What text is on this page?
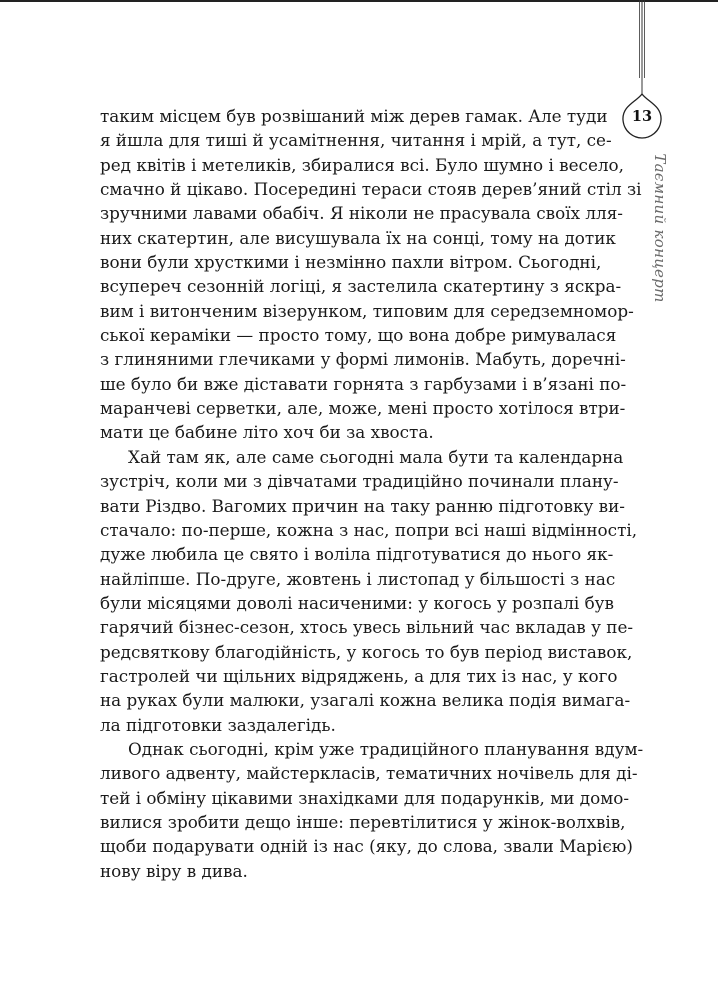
13
Таємний концерт

таким місцем був розвішаний між дерев гамак. Але туди
я йшла для тиші й усамітнення, читання і мрій, а тут, се-
ред квітів і метеликів, збиралися всі. Було шумно і весело,
смачно й цікаво. Посередині тераси стояв дерев’яний стіл зі
зручними лавами обабіч. Я ніколи не прасувала своїх лля-
них скатертин, але висушувала їх на сонці, тому на дотик
вони були хрусткими і незмінно пахли вітром. Сьогодні,
всупереч сезонній логіці, я застелила скатертину з яскра-
вим і витонченим візерунком, типовим для середземномор-
ської кераміки — просто тому, що вона добре римувалася
з глиняними глечиками у формі лимонів. Мабуть, доречні-
ше було би вже діставати горнята з гарбузами і в’язані по-
маранчеві серветки, але, може, мені просто хотілося втри-
мати це бабине літо хоч би за хвоста.

Хай там як, але саме сьогодні мала бути та календарна
зустріч, коли ми з дівчатами традиційно починали плану-
вати Різдво. Вагомих причин на таку ранню підготовку ви-
стачало: по-перше, кожна з нас, попри всі наші відмінності,
дуже любила це свято і воліла підготуватися до нього як-
найліпше. По-друге, жовтень і листопад у більшості з нас
були місяцями доволі насиченими: у когось у розпалі був
гарячий бізнес-сезон, хтось увесь вільний час вкладав у пе-
редсвяткову благодійність, у когось то був період виставок,
гастролей чи щільних відряджень, а для тих із нас, у кого
на руках були малюки, узагалі кожна велика подія вимага-
ла підготовки заздалегідь.

Однак сьогодні, крім уже традиційного планування вдум-
ливого адвенту, майстеркласів, тематичних ночівель для ді-
тей і обміну цікавими знахідками для подарунків, ми домо-
вилися зробити дещо інше: перевтілитися у жінок-волхвів,
щоби подарувати одній із нас (яку, до слова, звали Марією)
нову віру в дива.
